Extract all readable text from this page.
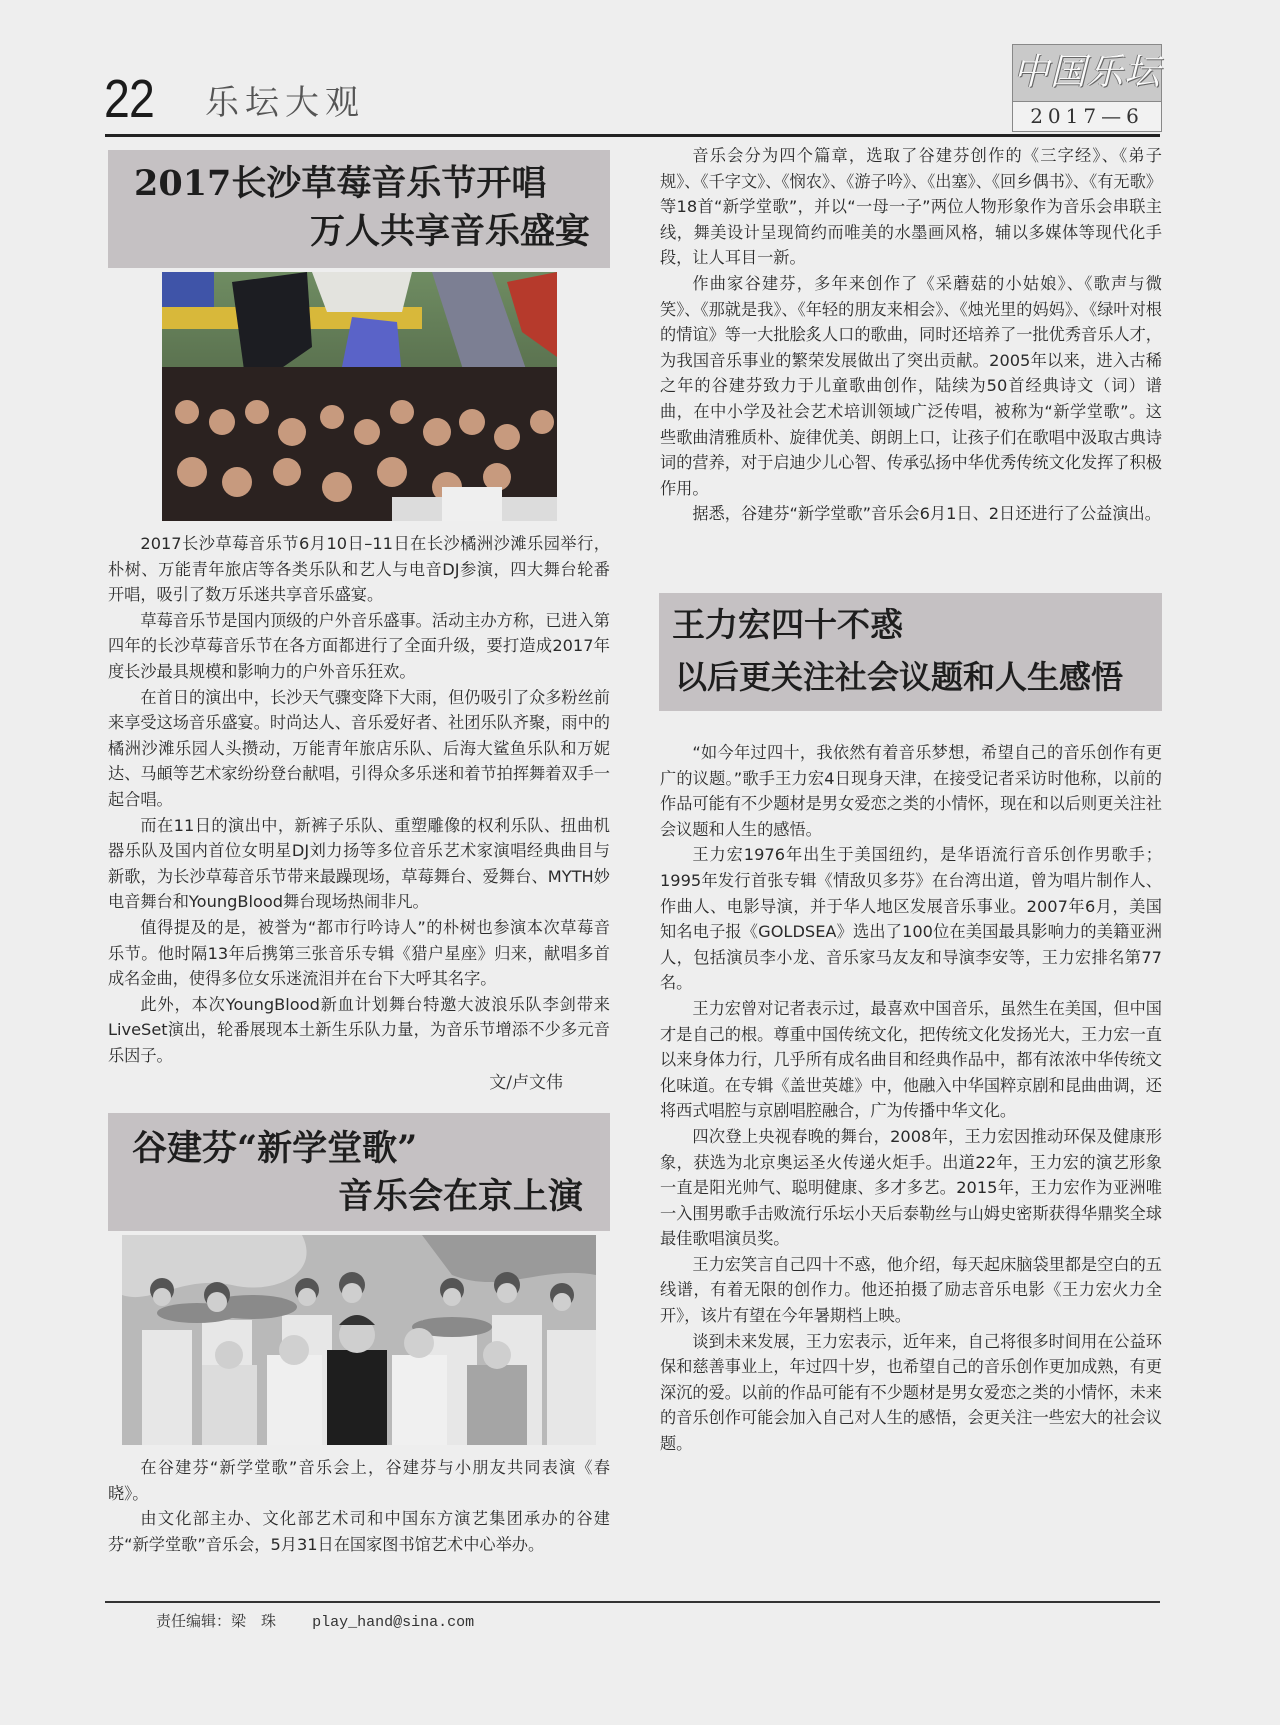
22 乐坛大观
中国乐坛
2017—6
2017长沙草莓音乐节开唱
万人共享音乐盛宴

2017长沙草莓音乐节6月10日–11日在长沙橘洲沙滩乐园举行，朴树、万能青年旅店等各类乐队和艺人与电音DJ参演，四大舞台轮番开唱，吸引了数万乐迷共享音乐盛宴。

草莓音乐节是国内顶级的户外音乐盛事。活动主办方称，已进入第四年的长沙草莓音乐节在各方面都进行了全面升级，要打造成2017年度长沙最具规模和影响力的户外音乐狂欢。

在首日的演出中，长沙天气骤变降下大雨，但仍吸引了众多粉丝前来享受这场音乐盛宴。时尚达人、音乐爱好者、社团乐队齐聚，雨中的橘洲沙滩乐园人头攒动，万能青年旅店乐队、后海大鲨鱼乐队和万妮达、马頔等艺术家纷纷登台献唱，引得众多乐迷和着节拍挥舞着双手一起合唱。

而在11日的演出中，新裤子乐队、重塑雕像的权利乐队、扭曲机器乐队及国内首位女明星DJ刘力扬等多位音乐艺术家演唱经典曲目与新歌，为长沙草莓音乐节带来最躁现场，草莓舞台、爱舞台、MYTH妙电音舞台和YoungBlood舞台现场热闹非凡。

值得提及的是，被誉为“都市行吟诗人”的朴树也参演本次草莓音乐节。他时隔13年后携第三张音乐专辑《猎户星座》归来，献唱多首成名金曲，使得多位女乐迷流泪并在台下大呼其名字。

此外，本次YoungBlood新血计划舞台特邀大波浪乐队李剑带来LiveSet演出，轮番展现本土新生乐队力量，为音乐节增添不少多元音乐因子。

文/卢文伟
谷建芬“新学堂歌”
音乐会在京上演

在谷建芬“新学堂歌”音乐会上，谷建芬与小朋友共同表演《春晓》。

由文化部主办、文化部艺术司和中国东方演艺集团承办的谷建芬“新学堂歌”音乐会，5月31日在国家图书馆艺术中心举办。

音乐会分为四个篇章，选取了谷建芬创作的《三字经》、《弟子规》、《千字文》、《悯农》、《游子吟》、《出塞》、《回乡偶书》、《有无歌》等18首“新学堂歌”，并以“一母一子”两位人物形象作为音乐会串联主线，舞美设计呈现简约而唯美的水墨画风格，辅以多媒体等现代化手段，让人耳目一新。

作曲家谷建芬，多年来创作了《采蘑菇的小姑娘》、《歌声与微笑》、《那就是我》、《年轻的朋友来相会》、《烛光里的妈妈》、《绿叶对根的情谊》等一大批脍炙人口的歌曲，同时还培养了一批优秀音乐人才，为我国音乐事业的繁荣发展做出了突出贡献。2005年以来，进入古稀之年的谷建芬致力于儿童歌曲创作，陆续为50首经典诗文（词）谱曲，在中小学及社会艺术培训领域广泛传唱，被称为“新学堂歌”。这些歌曲清雅质朴、旋律优美、朗朗上口，让孩子们在歌唱中汲取古典诗词的营养，对于启迪少儿心智、传承弘扬中华优秀传统文化发挥了积极作用。

据悉，谷建芬“新学堂歌”音乐会6月1日、2日还进行了公益演出。

王力宏四十不惑
以后更关注社会议题和人生感悟

“如今年过四十，我依然有着音乐梦想，希望自己的音乐创作有更广的议题。”歌手王力宏4日现身天津，在接受记者采访时他称，以前的作品可能有不少题材是男女爱恋之类的小情怀，现在和以后则更关注社会议题和人生的感悟。

王力宏1976年出生于美国纽约，是华语流行音乐创作男歌手；1995年发行首张专辑《情敌贝多芬》在台湾出道，曾为唱片制作人、作曲人、电影导演，并于华人地区发展音乐事业。2007年6月，美国知名电子报《GOLDSEA》选出了100位在美国最具影响力的美籍亚洲人，包括演员李小龙、音乐家马友友和导演李安等，王力宏排名第77名。

王力宏曾对记者表示过，最喜欢中国音乐，虽然生在美国，但中国才是自己的根。尊重中国传统文化，把传统文化发扬光大，王力宏一直以来身体力行，几乎所有成名曲目和经典作品中，都有浓浓中华传统文化味道。在专辑《盖世英雄》中，他融入中华国粹京剧和昆曲曲调，还将西式唱腔与京剧唱腔融合，广为传播中华文化。

四次登上央视春晚的舞台，2008年，王力宏因推动环保及健康形象，获选为北京奥运圣火传递火炬手。出道22年，王力宏的演艺形象一直是阳光帅气、聪明健康、多才多艺。2015年，王力宏作为亚洲唯一入围男歌手击败流行乐坛小天后泰勒丝与山姆史密斯获得华鼎奖全球最佳歌唱演员奖。

王力宏笑言自己四十不惑，他介绍，每天起床脑袋里都是空白的五线谱，有着无限的创作力。他还拍摄了励志音乐电影《王力宏火力全开》，该片有望在今年暑期档上映。

谈到未来发展，王力宏表示，近年来，自己将很多时间用在公益环保和慈善事业上，年过四十岁，也希望自己的音乐创作更加成熟，有更深沉的爱。以前的作品可能有不少题材是男女爱恋之类的小情怀，未来的音乐创作可能会加入自己对人生的感悟，会更关注一些宏大的社会议题。

责任编辑：梁　珠 play_hand@sina.com
